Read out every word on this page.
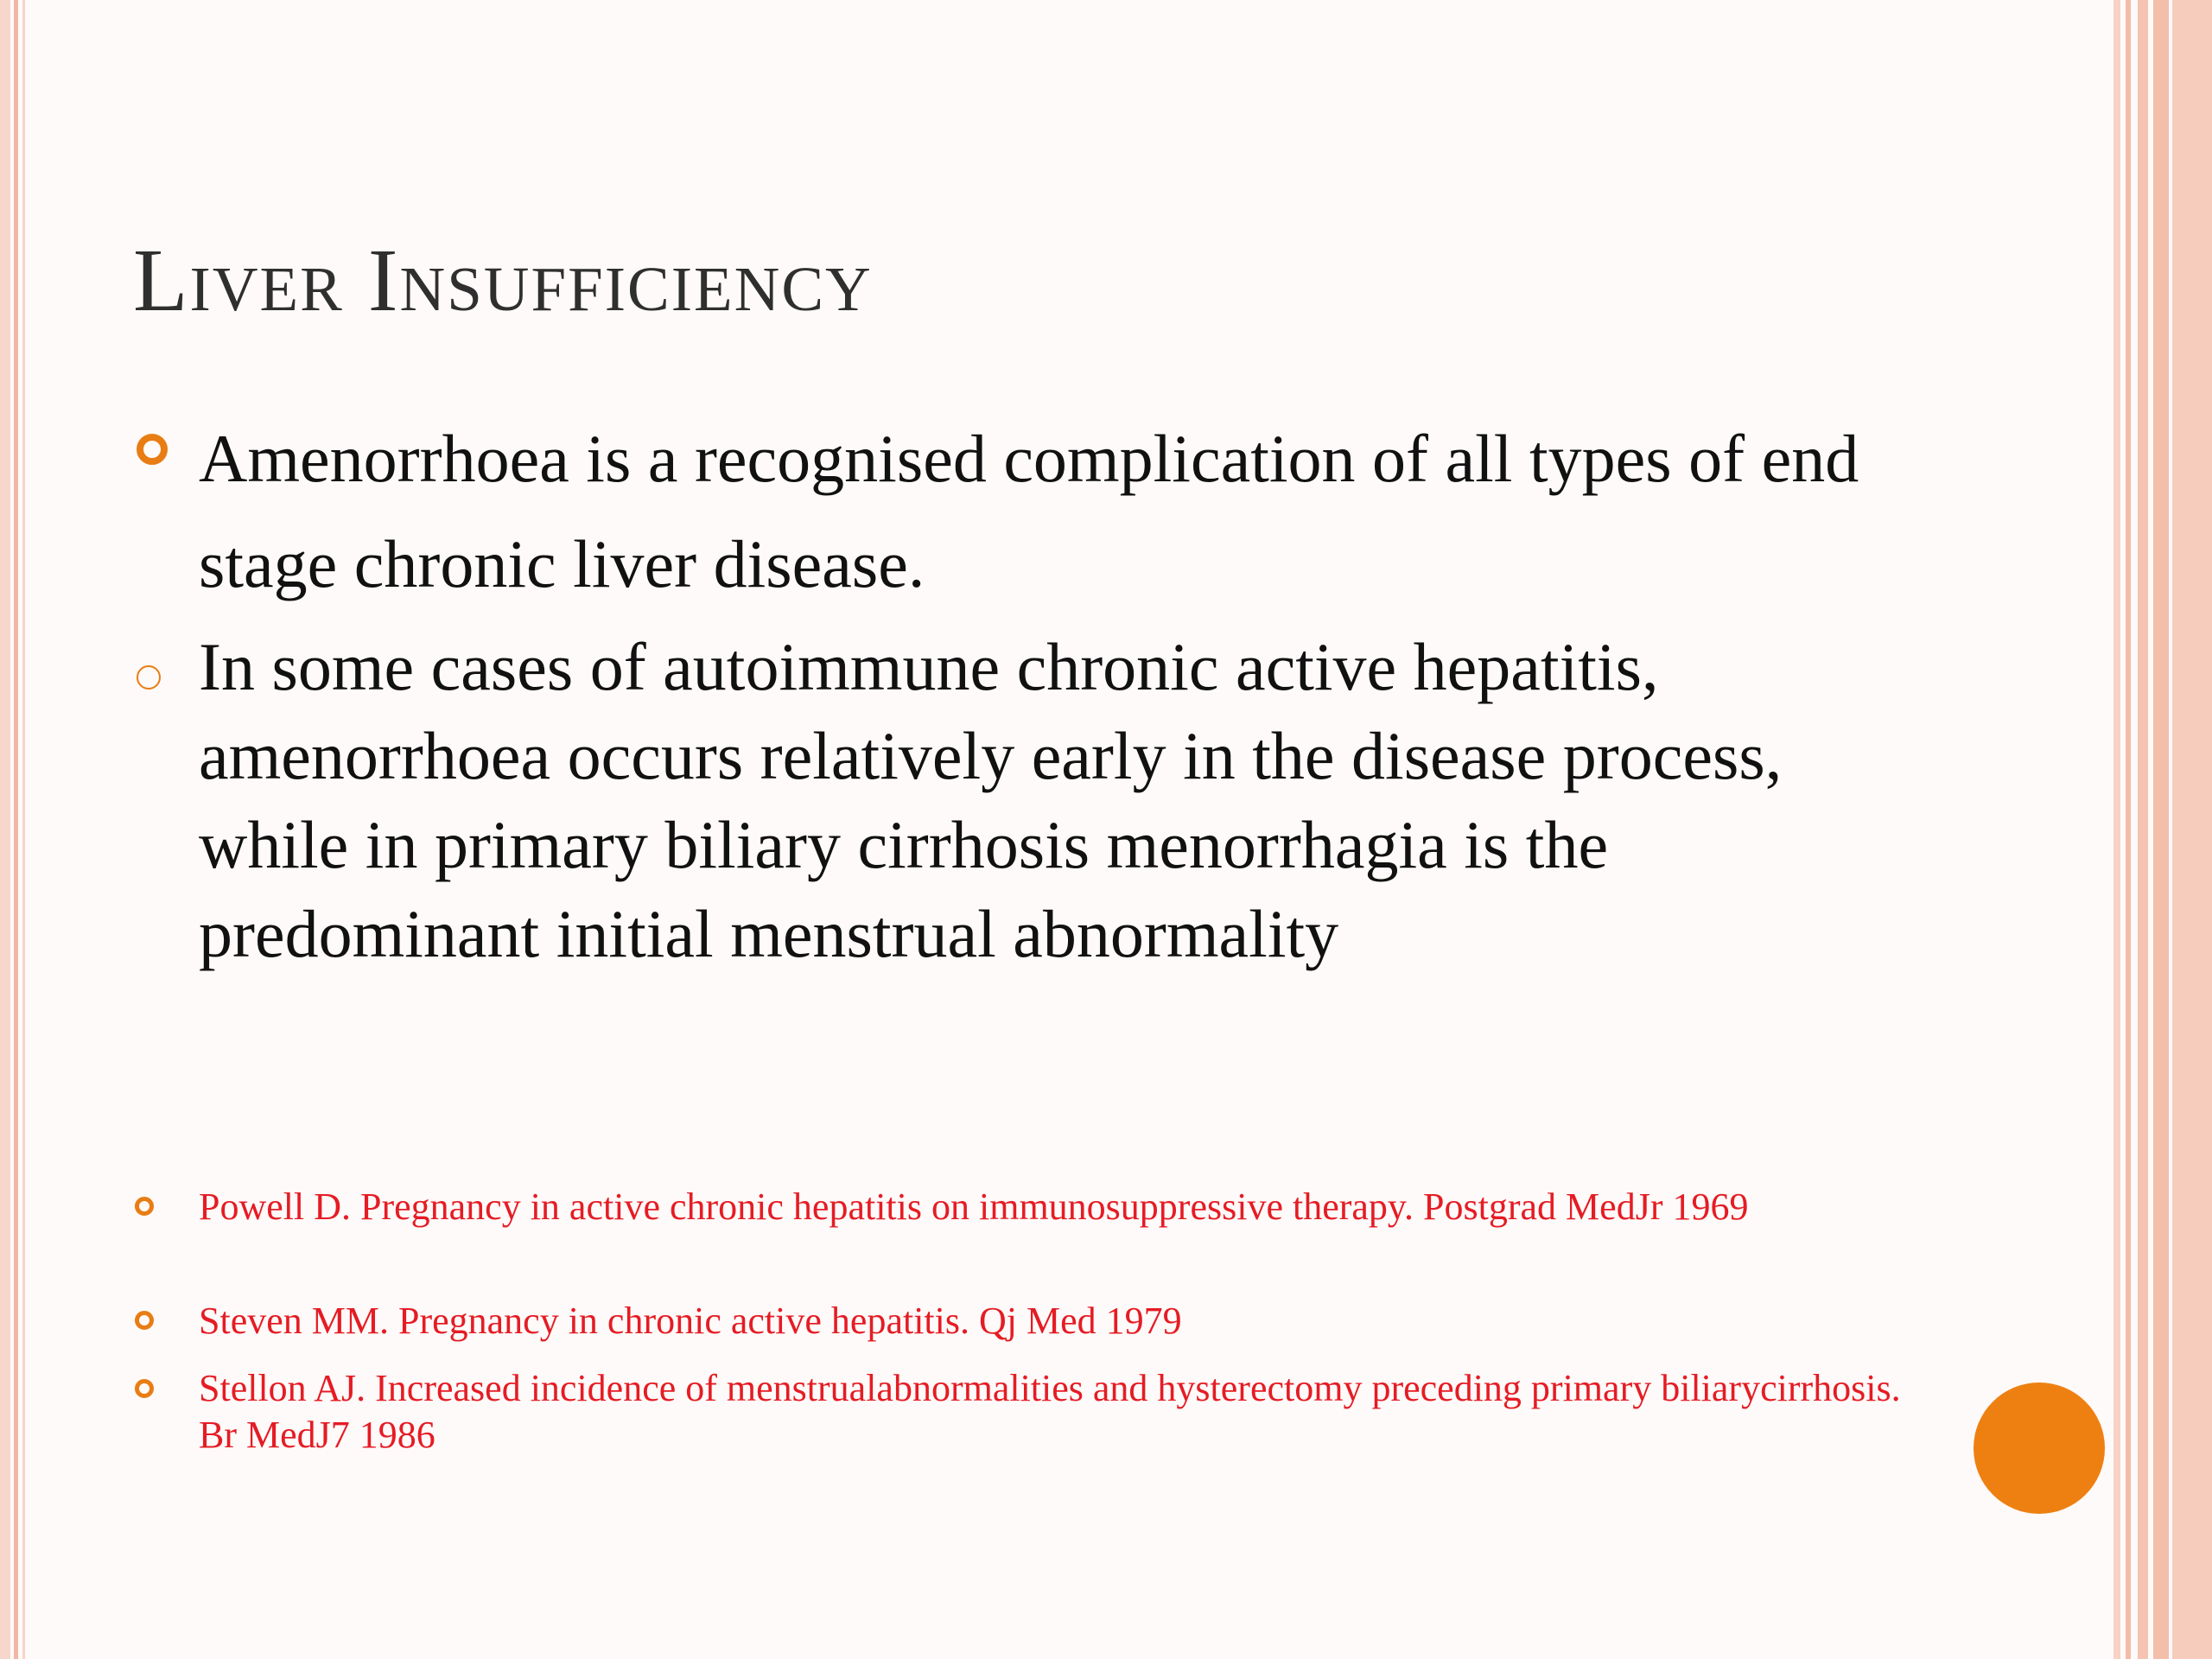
Liver Insufficiency
Amenorrhoea is a recognised complication of all types of end stage chronic liver disease.
In some cases of autoimmune chronic active hepatitis, amenorrhoea occurs relatively early in the disease process, while in primary biliary cirrhosis menorrhagia is the predominant initial menstrual abnormality
Powell D. Pregnancy in active chronic hepatitis on immunosuppressive therapy. Postgrad MedJr 1969
Steven MM. Pregnancy in chronic active hepatitis. Qj Med 1979
Stellon AJ. Increased incidence of menstrualabnormalities and hysterectomy preceding primary biliarycirrhosis. Br MedJ7 1986
